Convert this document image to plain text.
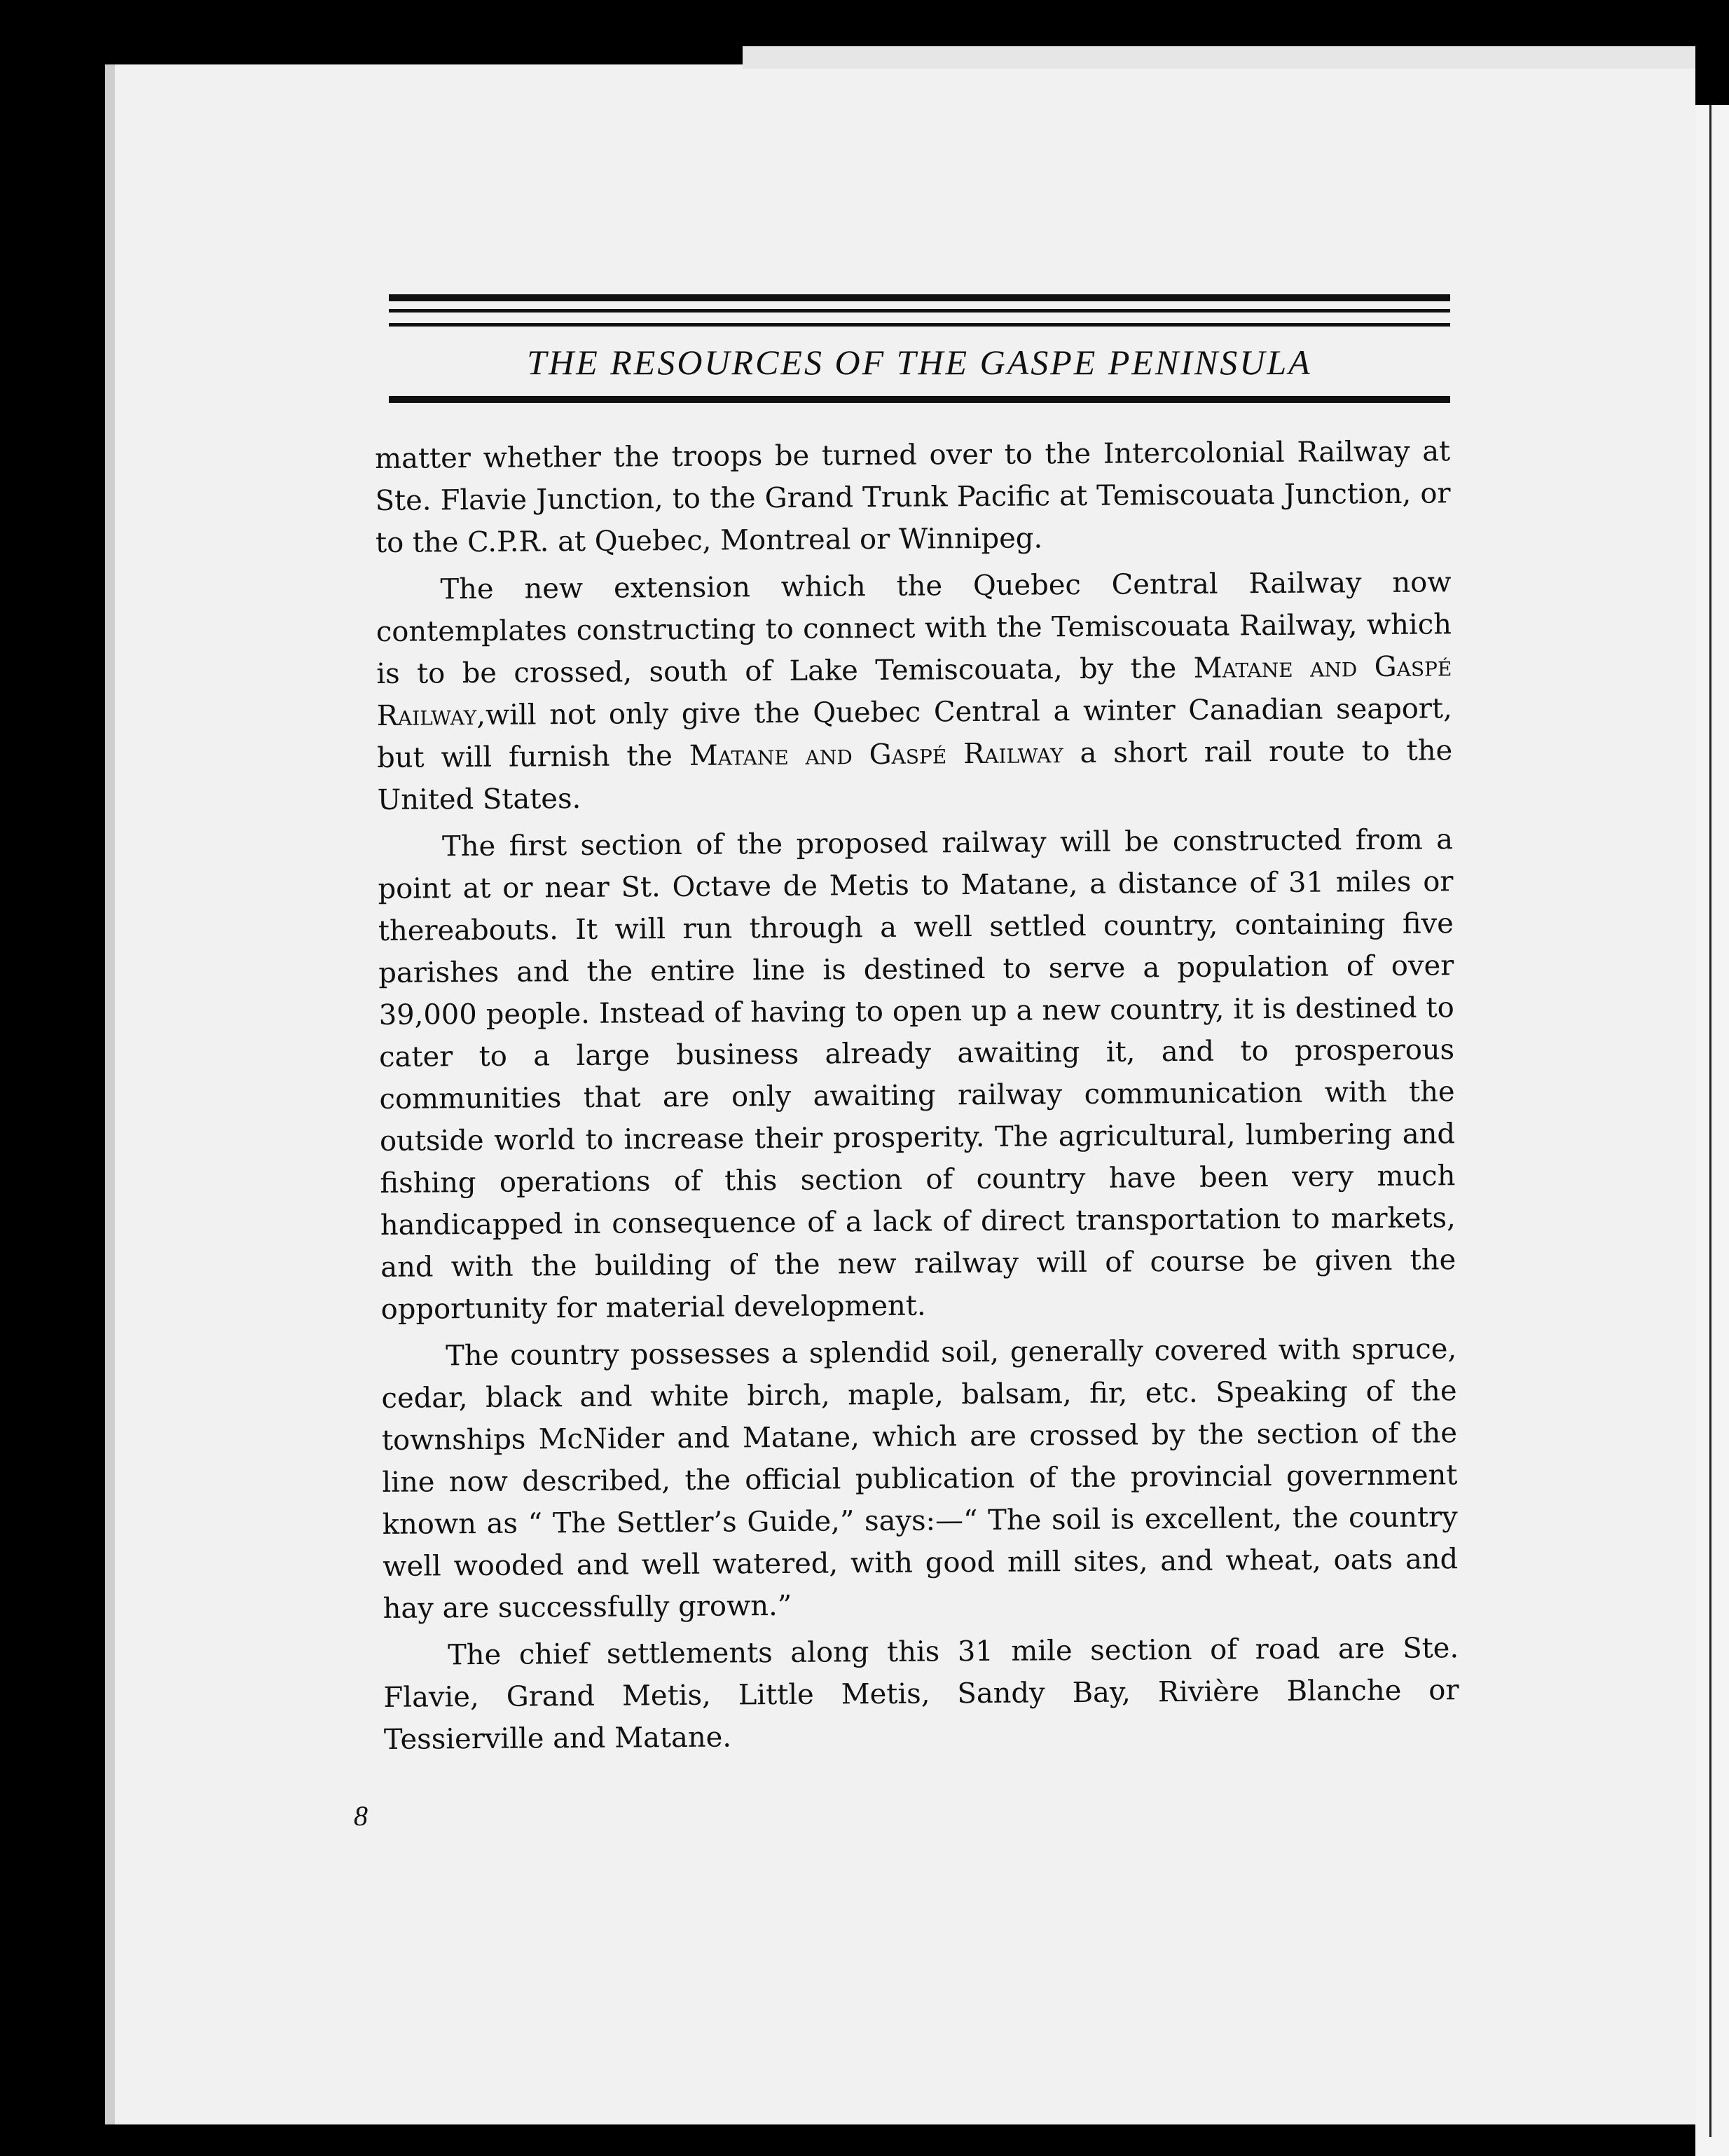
THE RESOURCES OF THE GASPE PENINSULA

matter whether the troops be turned over to the Intercolonial Railway at Ste. Flavie Junction, to the Grand Trunk Pacific at Temiscouata Junction, or to the C.P.R. at Quebec, Montreal or Winnipeg.

The new extension which the Quebec Central Railway now contemplates constructing to connect with the Temiscouata Railway, which is to be crossed, south of Lake Temiscouata, by the Matane and Gaspé Railway,will not only give the Quebec Central a winter Canadian seaport, but will furnish the Matane and Gaspé Railway a short rail route to the United States.

The first section of the proposed railway will be constructed from a point at or near St. Octave de Metis to Matane, a distance of 31 miles or thereabouts. It will run through a well settled country, containing five parishes and the entire line is destined to serve a population of over 39,000 people. Instead of having to open up a new country, it is destined to cater to a large business already awaiting it, and to prosperous communities that are only awaiting railway communication with the outside world to increase their prosperity. The agricultural, lumbering and fishing operations of this section of country have been very much handicapped in consequence of a lack of direct transportation to markets, and with the building of the new railway will of course be given the opportunity for material development.

The country possesses a splendid soil, generally covered with spruce, cedar, black and white birch, maple, balsam, fir, etc. Speaking of the townships McNider and Matane, which are crossed by the section of the line now described, the official publication of the provincial government known as “ The Settler’s Guide,” says:—“ The soil is excellent, the country well wooded and well watered, with good mill sites, and wheat, oats and hay are successfully grown.”

The chief settlements along this 31 mile section of road are Ste. Flavie, Grand Metis, Little Metis, Sandy Bay, Rivière Blanche or Tessierville and Matane.

8
